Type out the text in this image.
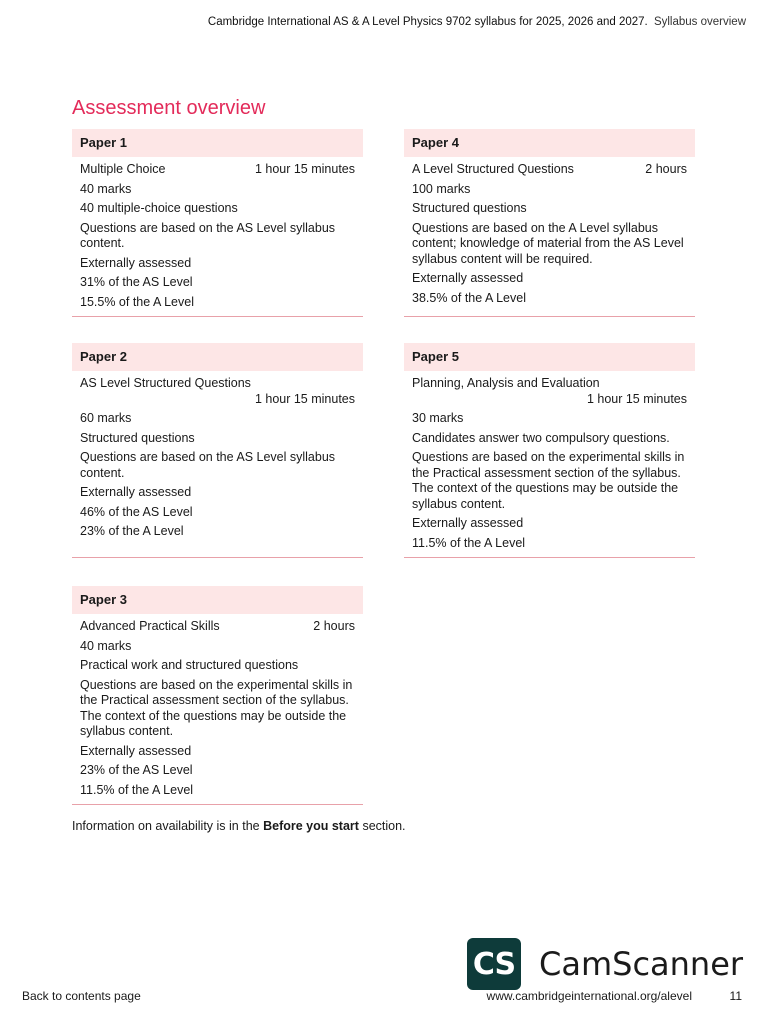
Cambridge International AS & A Level Physics 9702 syllabus for 2025, 2026 and 2027. Syllabus overview
Assessment overview
Paper 1
Multiple Choice	1 hour 15 minutes
40 marks
40 multiple-choice questions
Questions are based on the AS Level syllabus content.
Externally assessed
31% of the AS Level
15.5% of the A Level
Paper 4
A Level Structured Questions	2 hours
100 marks
Structured questions
Questions are based on the A Level syllabus content; knowledge of material from the AS Level syllabus content will be required.
Externally assessed
38.5% of the A Level
Paper 2
AS Level Structured Questions
1 hour 15 minutes
60 marks
Structured questions
Questions are based on the AS Level syllabus content.
Externally assessed
46% of the AS Level
23% of the A Level
Paper 5
Planning, Analysis and Evaluation
1 hour 15 minutes
30 marks
Candidates answer two compulsory questions.
Questions are based on the experimental skills in the Practical assessment section of the syllabus. The context of the questions may be outside the syllabus content.
Externally assessed
11.5% of the A Level
Paper 3
Advanced Practical Skills	2 hours
40 marks
Practical work and structured questions
Questions are based on the experimental skills in the Practical assessment section of the syllabus. The context of the questions may be outside the syllabus content.
Externally assessed
23% of the AS Level
11.5% of the A Level
Information on availability is in the Before you start section.
CS CamScanner
Back to contents page	www.cambridgeinternational.org/alevel	11
